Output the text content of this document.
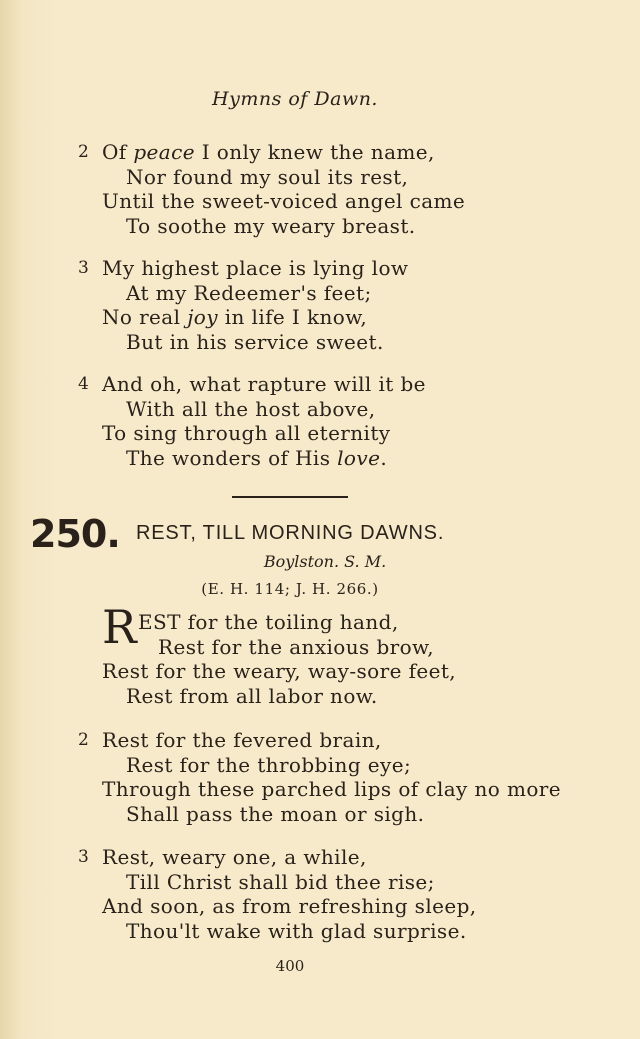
Hymns of Dawn.
2 Of peace I only knew the name,
Nor found my soul its rest,
Until the sweet-voiced angel came
To soothe my weary breast.
3 My highest place is lying low
At my Redeemer's feet;
No real joy in life I know,
But in his service sweet.
4 And oh, what rapture will it be
With all the host above,
To sing through all eternity
The wonders of His love.
250. REST, TILL MORNING DAWNS.
Boylston. S. M.
(E. H. 114; J. H. 266.)
R EST for the toiling hand,
Rest for the anxious brow,
Rest for the weary, way-sore feet,
Rest from all labor now.
2 Rest for the fevered brain,
Rest for the throbbing eye;
Through these parched lips of clay no more
Shall pass the moan or sigh.
3 Rest, weary one, a while,
Till Christ shall bid thee rise;
And soon, as from refreshing sleep,
Thou'lt wake with glad surprise.
400
